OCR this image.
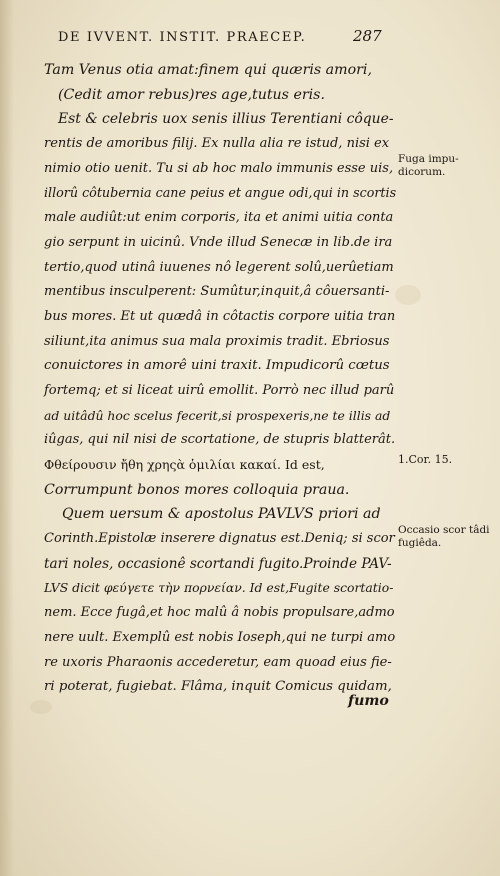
DE IVVENT. INSTIT. PRAECEP.	287
Tam Venus otia amat:finem qui quæris amori,
(Cedit amor rebus)res age,tutus eris.
Est & celebris uox senis illius Terentiani côque-
rentis de amoribus filij. Ex nulla alia re istud, nisi ex
nimio otio uenit. Tu si ab hoc malo immunis esse uis,
illorû côtubernia cane peius et angue odi,qui in scortis
male audiût:ut enim corporis, ita et animi uitia conta
gio serpunt in uicinû. Vnde illud Senecæ in lib.de ira
tertio,quod utinâ iuuenes nô legerent solû,uerûetiam
mentibus insculperent: Sumûtur,inquit,â côuersanti-
bus mores. Et ut quædâ in côtactis corpore uitia tran
siliunt,ita animus sua mala proximis tradit. Ebriosus
conuictores in amorê uini traxit. Impudicorû cœtus
fortemq; et si liceat uirû emollit. Porrò nec illud parû
ad uitâdû hoc scelus fecerit,si prospexeris,ne te illis ad
iûgas, qui nil nisi de scortatione, de stupris blatterât.
Φθείρουσιν ἤθη χρηςὰ ὁμιλίαι κακαί. Id est,
Corrumpunt bonos mores colloquia praua.
Quem uersum & apostolus PAVLVS priori ad
Corinth.Epistolæ inserere dignatus est.Deniq; si scor
tari noles, occasionê scortandi fugito.Proinde PAV-
LVS dicit φεύγετε τὴν πορνείαν. Id est,Fugite scortatio-
nem. Ecce fugâ,et hoc malû â nobis propulsare,admo
nere uult. Exemplû est nobis Ioseph,qui ne turpi amo
re uxoris Pharaonis accederetur, eam quoad eius fie-
ri poterat, fugiebat. Flâma, inquit Comicus quidam,
fumo
Fuga impu-dicorum.
1.Cor. 15.
Occasio scor tâdi fugiêda.
